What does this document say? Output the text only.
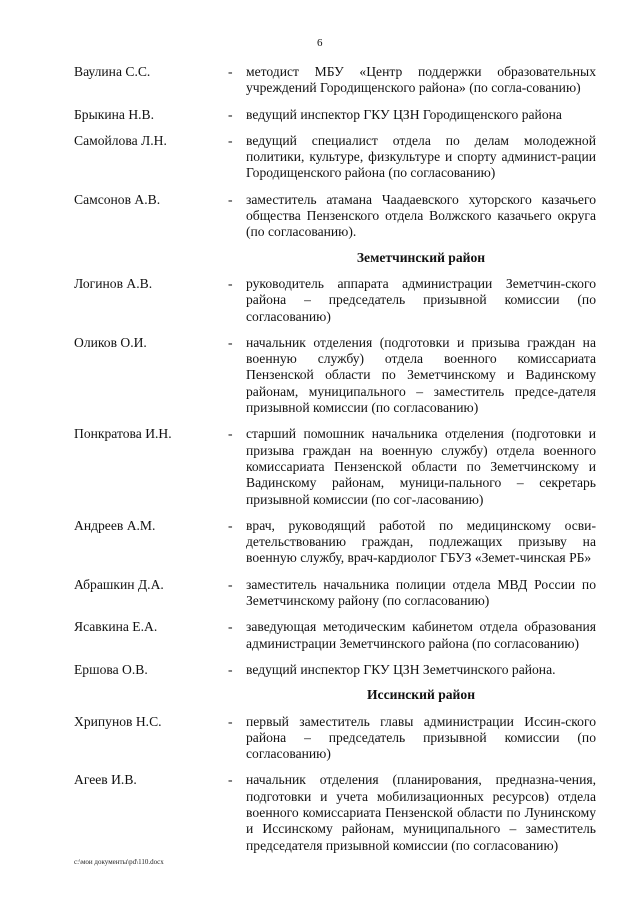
6
Ваулина С.С.	- методист МБУ «Центр поддержки образовательных учреждений Городищенского района» (по согла-сованию)
Брыкина Н.В.	- ведущий инспектор ГКУ ЦЗН Городищенского района
Самойлова Л.Н.	- ведущий специалист отдела по делам молодежной политики, культуре, физкультуре и спорту админист-рации Городищенского района (по согласованию)
Самсонов А.В.	- заместитель атамана Чаадаевского хуторского казачьего общества Пензенского отдела Волжского казачьего округа (по согласованию).
Земетчинский район
Логинов А.В.	- руководитель аппарата администрации Земетчин-ского района – председатель призывной комиссии (по согласованию)
Оликов О.И.	- начальник отделения (подготовки и призыва граждан на военную службу) отдела военного комиссариата Пензенской области по Земетчинскому и Вадинскому районам, муниципального – заместитель предсе-дателя призывной комиссии (по согласованию)
Понкратова И.Н.	- старший помошник начальника отделения (подготовки и призыва граждан на военную службу) отдела военного комиссариата Пензенской области по Земетчинскому и Вадинскому районам, муници-пального – секретарь призывной комиссии (по сог-ласованию)
Андреев А.М.	- врач, руководящий работой по медицинскому осви-детельствованию граждан, подлежащих призыву на военную службу, врач-кардиолог ГБУЗ «Земет-чинская РБ»
Абрашкин Д.А.	- заместитель начальника полиции отдела МВД России по Земетчинскому району (по согласованию)
Ясавкина Е.А.	- заведующая методическим кабинетом отдела образования администрации Земетчинского района (по согласованию)
Ершова О.В.	- ведущий инспектор ГКУ ЦЗН Земетчинского района.
Иссинский район
Хрипунов Н.С.	- первый заместитель главы администрации Иссин-ского района – председатель призывной комиссии (по согласованию)
Агеев И.В.	- начальник отделения (планирования, предназна-чения, подготовки и учета мобилизационных ресурсов) отдела военного комиссариата Пензенской области по Лунинскому и Иссинскому районам, муниципального – заместитель председателя призывной комиссии (по согласованию)
c:\мои документы\pd\110.docx
